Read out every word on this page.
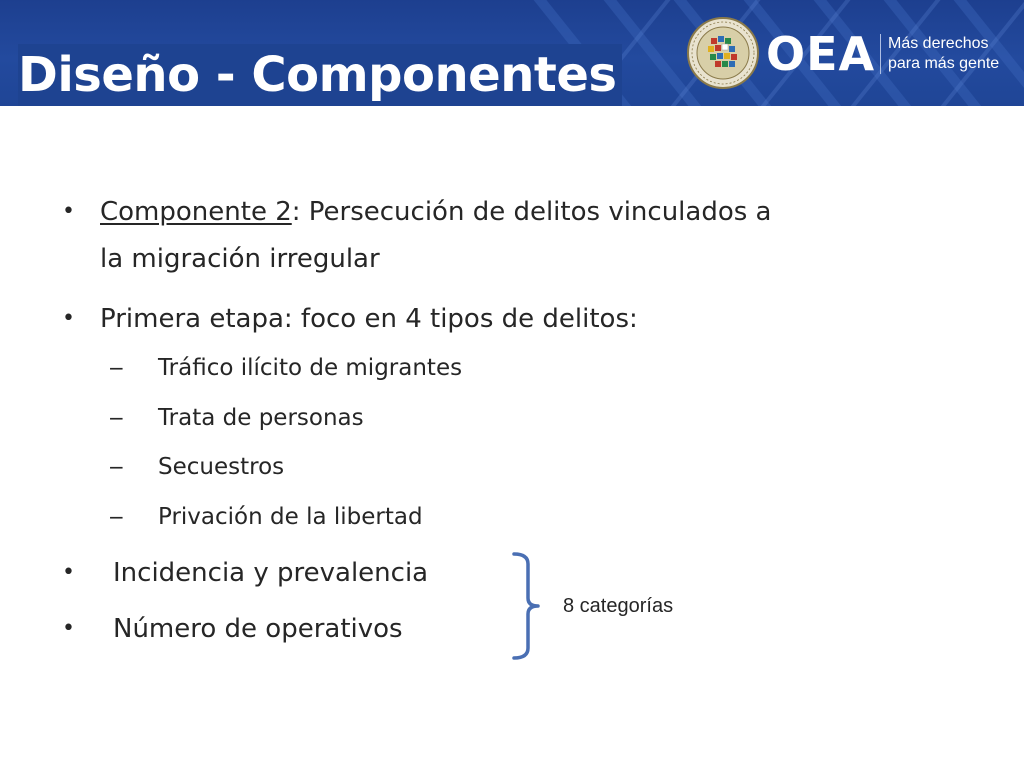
OEA Más derechos
para más gente
Diseño - Componentes
• Componente 2: Persecución de delitos vinculados a
la migración irregular
• Primera etapa: foco en 4 tipos de delitos:
− Tráfico ilícito de migrantes
− Trata de personas
− Secuestros
− Privación de la libertad
• Incidencia y prevalencia
• Número de operativos
8 categorías
